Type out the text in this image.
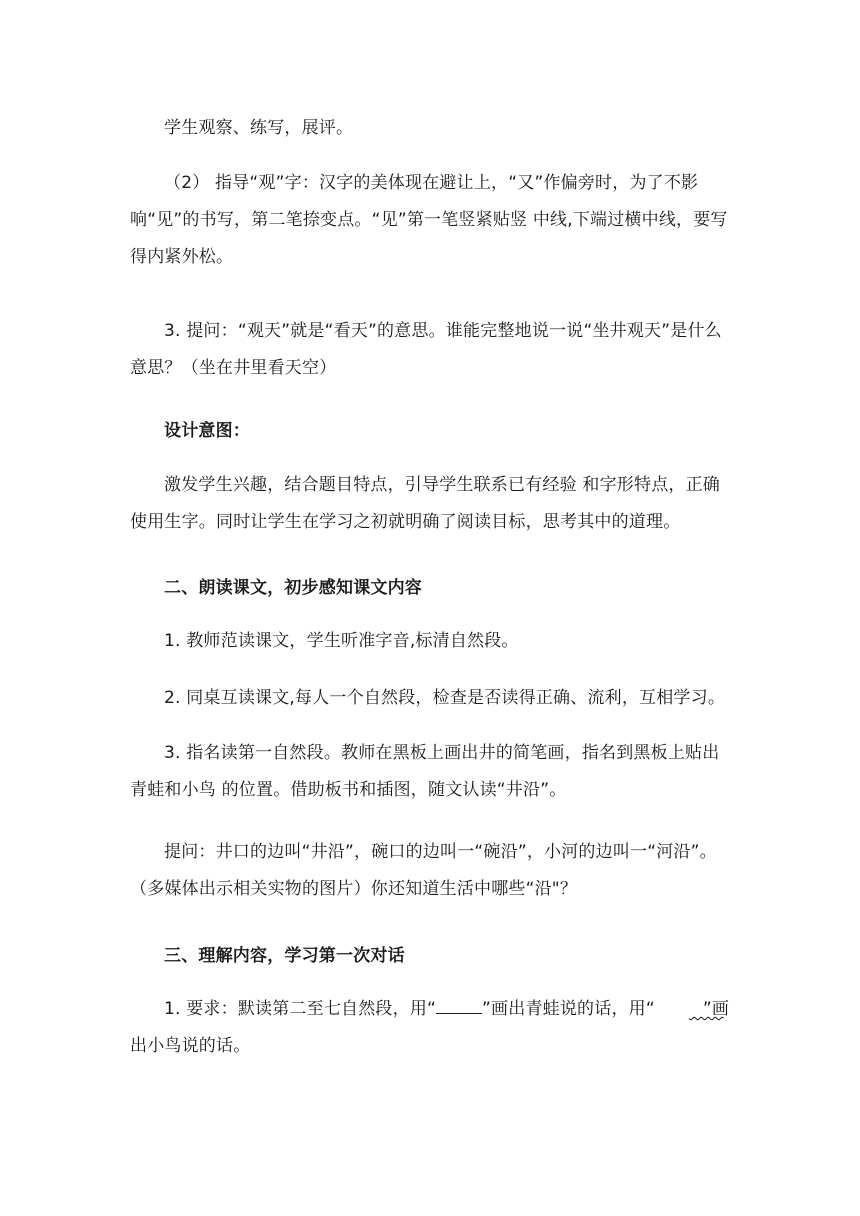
学生观察、练写，展评。

（2） 指导“观”字：汉字的美体现在避让上，“又”作偏旁时，为了不影响“见”的书写，第二笔捺变点。“见”第一笔竖紧贴竖 中线,下端过横中线，要写得内紧外松。

3. 提问：“观天”就是“看天”的意思。谁能完整地说一说“坐井观天”是什么意思？（坐在井里看天空）

设计意图：

激发学生兴趣，结合题目特点，引导学生联系已有经验 和字形特点，正确使用生字。同时让学生在学习之初就明确了阅读目标，思考其中的道理。

二、朗读课文，初步感知课文内容

1. 教师范读课文，学生听准字音,标清自然段。

2. 同桌互读课文,每人一个自然段，检查是否读得正确、流利，互相学习。

3. 指名读第一自然段。教师在黑板上画出井的简笔画，指名到黑板上贴出青蛙和小鸟 的位置。借助板书和插图，随文认读“井沿”。

提问：井口的边叫“井沿”，碗口的边叫一“碗沿”，小河的边叫一“河沿”。（多媒体出示相关实物的图片）你还知道生活中哪些“沿"？

三、理解内容，学习第一次对话

1. 要求：默读第二至七自然段，用“	”画出青蛙说的话，用“	”画出小鸟说的话。
